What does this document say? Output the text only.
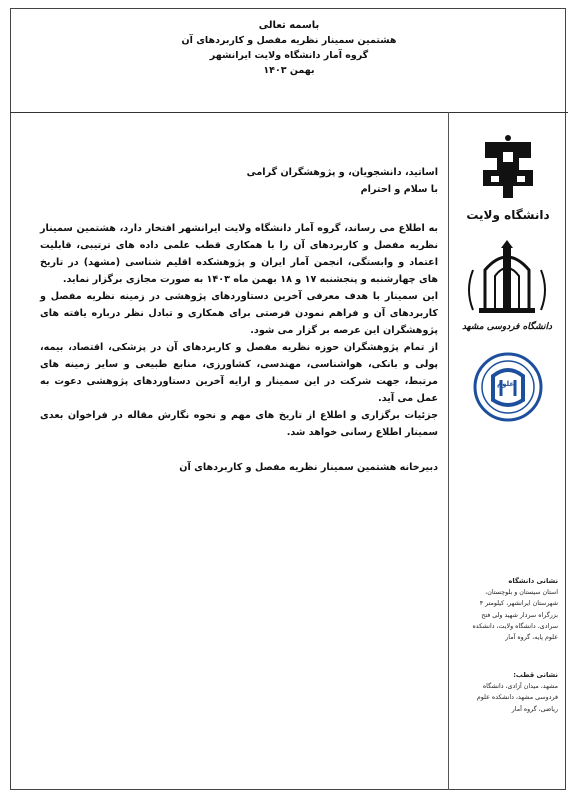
باسمه تعالی
هشتمین سمینار نظریه مفصل و کاربردهای آن
گروه آمار دانشگاه ولایت ایرانشهر
بهمن ۱۴۰۳
دانشگاه ولایت
دانشگاه فردوسی مشهد
علوم
نشانی دانشگاه
استان سیستان و بلوچستان،
شهرستان ایرانشهر، کیلومتر ۴
بزرگراه سردار شهید ولی فتح
سرادی، دانشگاه ولایت، دانشکده
علوم پایه، گروه آمار
نشانی قطب:
مشهد، میدان آزادی، دانشگاه
فردوسی مشهد، دانشکده علوم
ریاضی، گروه آمار

اساتید، دانشجویان، و پژوهشگران گرامی

با سلام و احترام

به اطلاع می رساند، گروه آمار دانشگاه ولایت ایرانشهر افتخار دارد، هشتمین سمینار نظریه مفصل و کاربردهای آن را با همکاری قطب علمی داده های ترتیبی، قابلیت اعتماد و وابستگی، انجمن آمار ایران و پژوهشکده اقلیم شناسی (مشهد) در تاریخ های چهارشنبه و پنجشنبه ۱۷ و ۱۸ بهمن ماه ۱۴۰۳ به صورت مجازی برگزار نماید.

این سمینار با هدف معرفی آخرین دستاوردهای پژوهشی در زمینه نظریه مفصل و کاربردهای آن و فراهم نمودن فرصتی برای همکاری و تبادل نظر درباره یافته های پژوهشگران این عرصه بر گزار می شود.

از تمام پژوهشگران حوزه نظریه مفصل و کاربردهای آن در پزشکی، اقتصاد، بیمه، پولی و بانکی، هواشناسی، مهندسی، کشاورزی، منابع طبیعی و سایر زمینه های مرتبط، جهت شرکت در این سمینار و ارایه آخرین دستاوردهای پژوهشی دعوت به عمل می آید.

جزئیات برگزاری و اطلاع از تاریخ های مهم و نحوه نگارش مقاله در فراخوان بعدی سمینار اطلاع رسانی خواهد شد.

دبیرخانه هشتمین سمینار نظریه مفصل و کاربردهای آن
